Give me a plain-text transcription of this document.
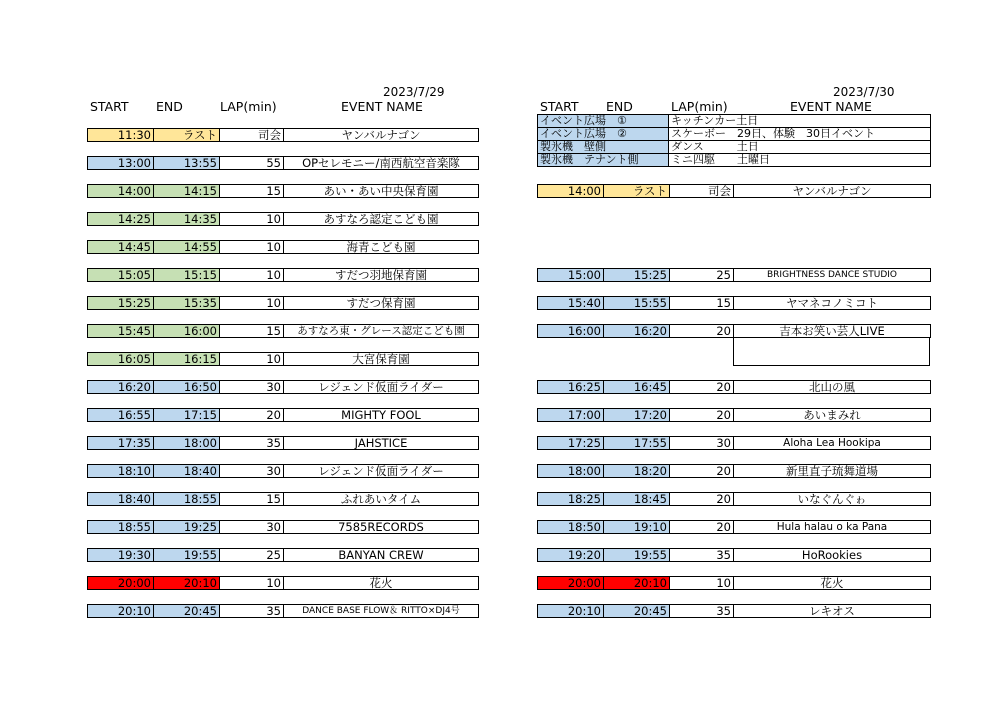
2023/7/29
START END	LAP(min)	EVENT NAME
11:30	ラスト	司会	ヤンバルナゴン
13:00	13:55	55	OPセレモニー/南西航空音楽隊
14:00	14:15	15	あい・あい中央保育園
14:25	14:35	10	あすなろ認定こども園
14:45	14:55	10	海青こども園
15:05	15:15	10	すだつ羽地保育園
15:25	15:35	10	すだつ保育園
15:45	16:00	15	あすなろ東・グレース認定こども園
16:05	16:15	10	大宮保育園
16:20	16:50	30	レジェンド仮面ライダー
16:55	17:15	20	MIGHTY FOOL
17:35	18:00	35	JAHSTICE
18:10	18:40	30	レジェンド仮面ライダー
18:40	18:55	15	ふれあいタイム
18:55	19:25	30	7585RECORDS
19:30	19:55	25	BANYAN CREW
20:00	20:10	10	花火
20:10	20:45	35	DANCE BASE FLOW＆ RITTO×DJ4号
2023/7/30
START END	LAP(min)	EVENT NAME
イベント広場　①	キッチンカー土日
イベント広場　②	スケーボー　29日、体験　30日イベント
製氷機　壁側	ダンス　　　土日
製氷機　テナント側	ミニ四駆　　土曜日
14:00	ラスト	司会	ヤンバルナゴン
15:00	15:25	25	BRIGHTNESS DANCE STUDIO
15:40	15:55	15	ヤマネコノミコト
16:00	16:20	20	吉本お笑い芸人LIVE
16:25	16:45	20	北山の風
17:00	17:20	20	あいまみれ
17:25	17:55	30	Aloha Lea Hookipa
18:00	18:20	20	新里直子琉舞道場
18:25	18:45	20	いなぐんぐゎ
18:50	19:10	20	Hula halau o ka Pana
19:20	19:55	35	HoRookies
20:00	20:10	10	花火
20:10	20:45	35	レキオス
